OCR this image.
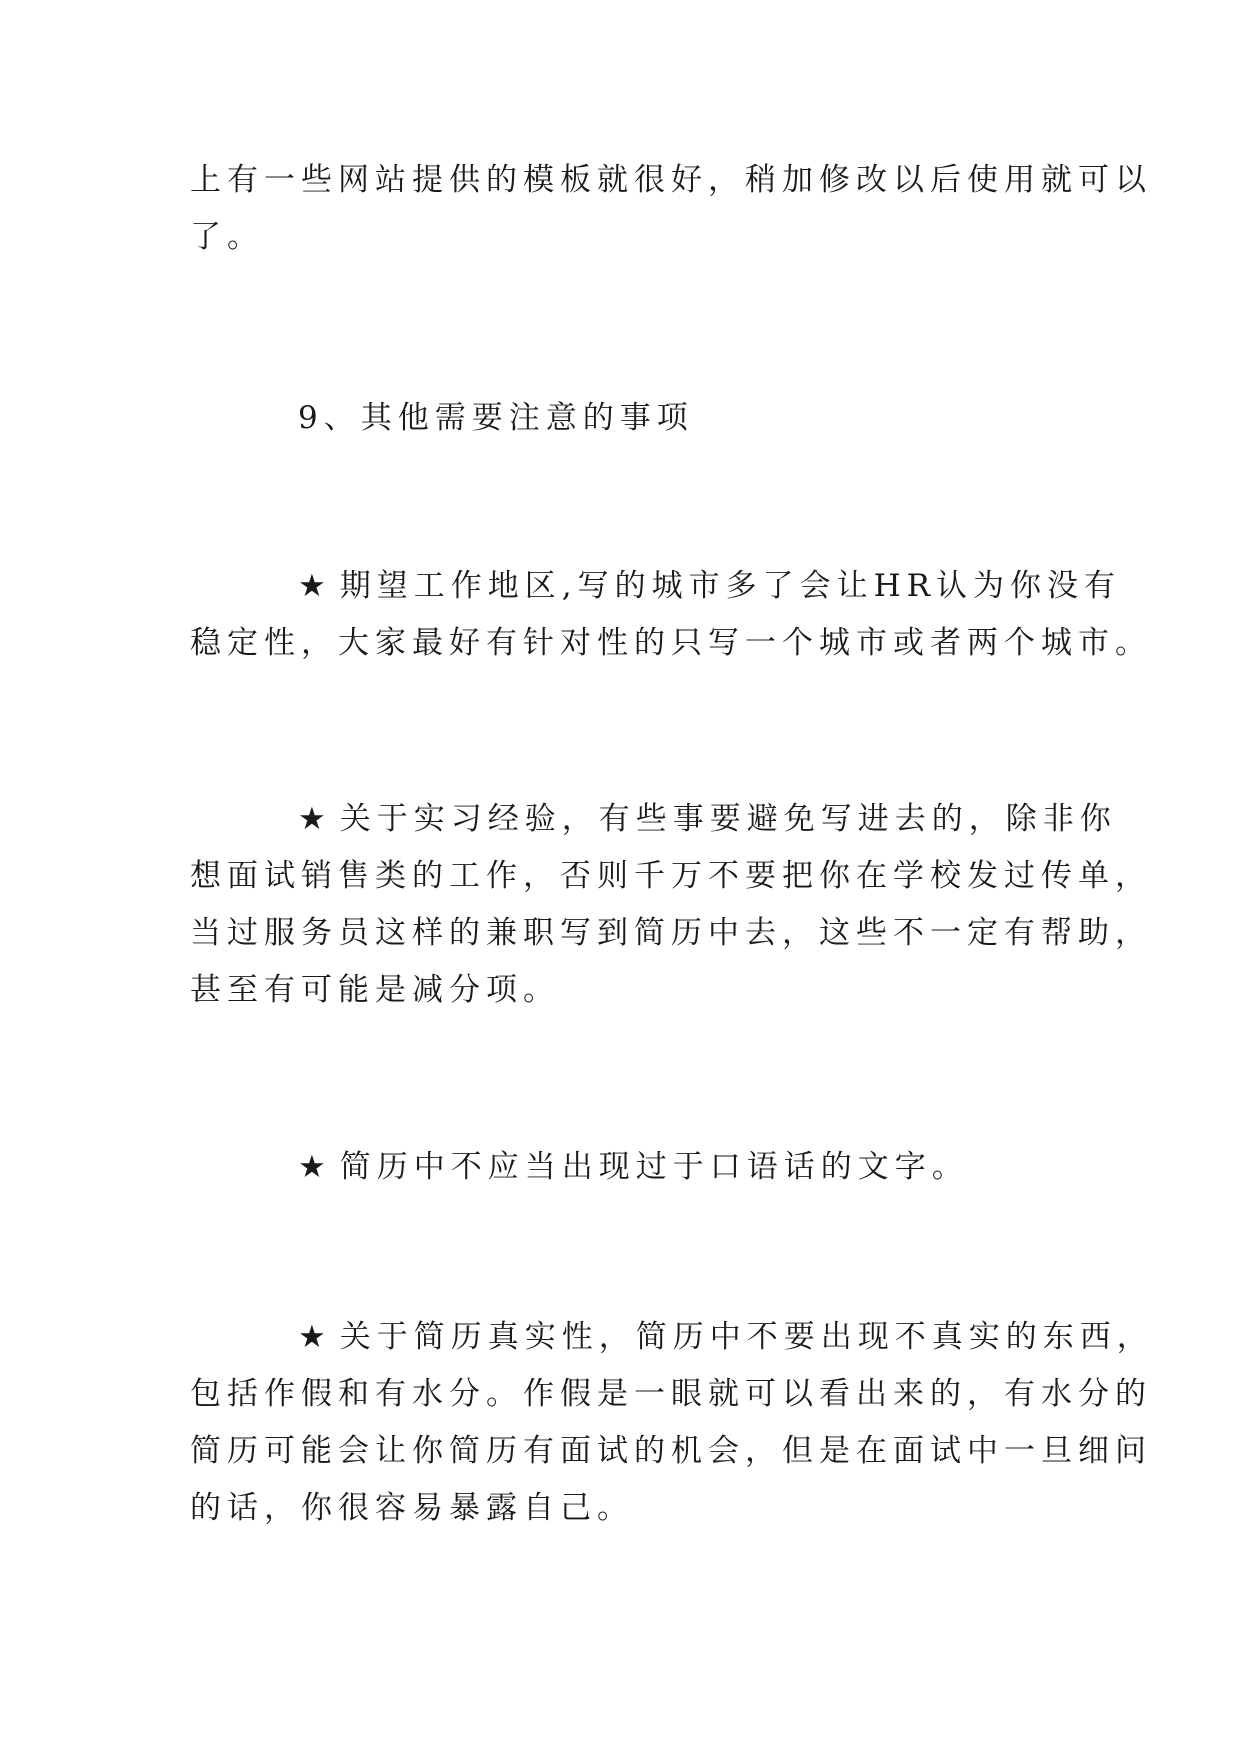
上有一些网站提供的模板就很好，稍加修改以后使用就可以
了。
9、其他需要注意的事项
★ 期望工作地区,写的城市多了会让HR认为你没有
稳定性，大家最好有针对性的只写一个城市或者两个城市。
★ 关于实习经验，有些事要避免写进去的，除非你
想面试销售类的工作，否则千万不要把你在学校发过传单，
当过服务员这样的兼职写到简历中去，这些不一定有帮助，
甚至有可能是减分项。
★ 简历中不应当出现过于口语话的文字。
★ 关于简历真实性，简历中不要出现不真实的东西，
包括作假和有水分。作假是一眼就可以看出来的，有水分的
简历可能会让你简历有面试的机会，但是在面试中一旦细问
的话，你很容易暴露自己。
